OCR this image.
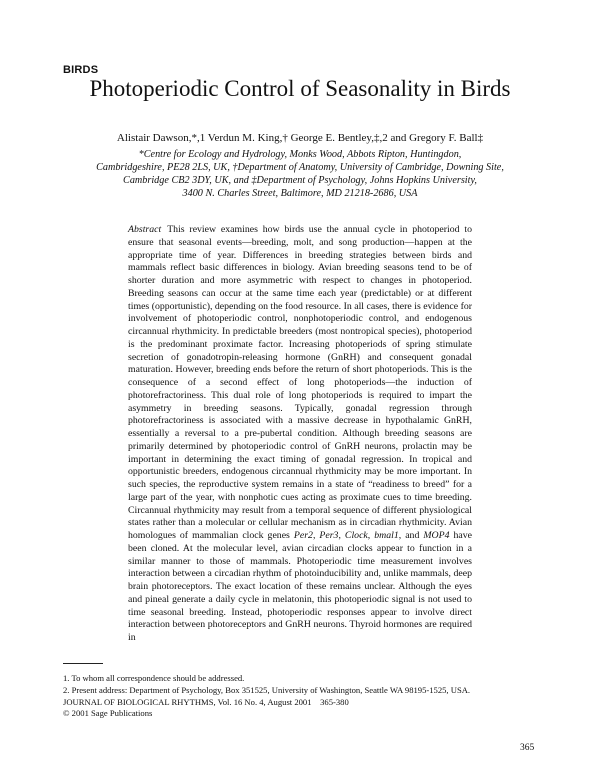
BIRDS
Photoperiodic Control of Seasonality in Birds
Alistair Dawson,*,1 Verdun M. King,† George E. Bentley,‡,2 and Gregory F. Ball‡
*Centre for Ecology and Hydrology, Monks Wood, Abbots Ripton, Huntingdon,
Cambridgeshire, PE28 2LS, UK, †Department of Anatomy, University of Cambridge, Downing Site,
Cambridge CB2 3DY, UK, and ‡Department of Psychology, Johns Hopkins University,
3400 N. Charles Street, Baltimore, MD 21218-2686, USA

Abstract This review examines how birds use the annual cycle in photoperiod to ensure that seasonal events—breeding, molt, and song production—happen at the appropriate time of year. Differences in breeding strategies between birds and mammals reflect basic differences in biology. Avian breeding seasons tend to be of shorter duration and more asymmetric with respect to changes in photoperiod. Breeding seasons can occur at the same time each year (predictable) or at different times (opportunistic), depending on the food resource. In all cases, there is evidence for involvement of photoperiodic control, nonphotoperiodic control, and endogenous circannual rhythmicity. In predictable breeders (most nontropical species), photoperiod is the predominant proximate factor. Increasing photoperiods of spring stimulate secretion of gonadotropin-releasing hormone (GnRH) and consequent gonadal maturation. However, breeding ends before the return of short photoperiods. This is the consequence of a second effect of long photoperiods—the induction of photorefractoriness. This dual role of long photoperiods is required to impart the asymmetry in breeding seasons. Typically, gonadal regression through photorefractoriness is associated with a massive decrease in hypothalamic GnRH, essentially a reversal to a pre-pubertal condition. Although breeding seasons are primarily determined by photoperiodic control of GnRH neurons, prolactin may be important in determining the exact timing of gonadal regression. In tropical and opportunistic breeders, endogenous circannual rhythmicity may be more important. In such species, the reproductive system remains in a state of “readiness to breed” for a large part of the year, with nonphotic cues acting as proximate cues to time breeding. Circannual rhythmicity may result from a temporal sequence of different physiological states rather than a molecular or cellular mechanism as in circadian rhythmicity. Avian homologues of mammalian clock genes Per2, Per3, Clock, bmal1, and MOP4 have been cloned. At the molecular level, avian circadian clocks appear to function in a similar manner to those of mammals. Photoperiodic time measurement involves interaction between a circadian rhythm of photoinducibility and, unlike mammals, deep brain photoreceptors. The exact location of these remains unclear. Although the eyes and pineal generate a daily cycle in melatonin, this photoperiodic signal is not used to time seasonal breeding. Instead, photoperiodic responses appear to involve direct interaction between photoreceptors and GnRH neurons. Thyroid hormones are required in

1. To whom all correspondence should be addressed.
2. Present address: Department of Psychology, Box 351525, University of Washington, Seattle WA 98195-1525, USA.
JOURNAL OF BIOLOGICAL RHYTHMS, Vol. 16 No. 4, August 2001    365-380
© 2001 Sage Publications
365
